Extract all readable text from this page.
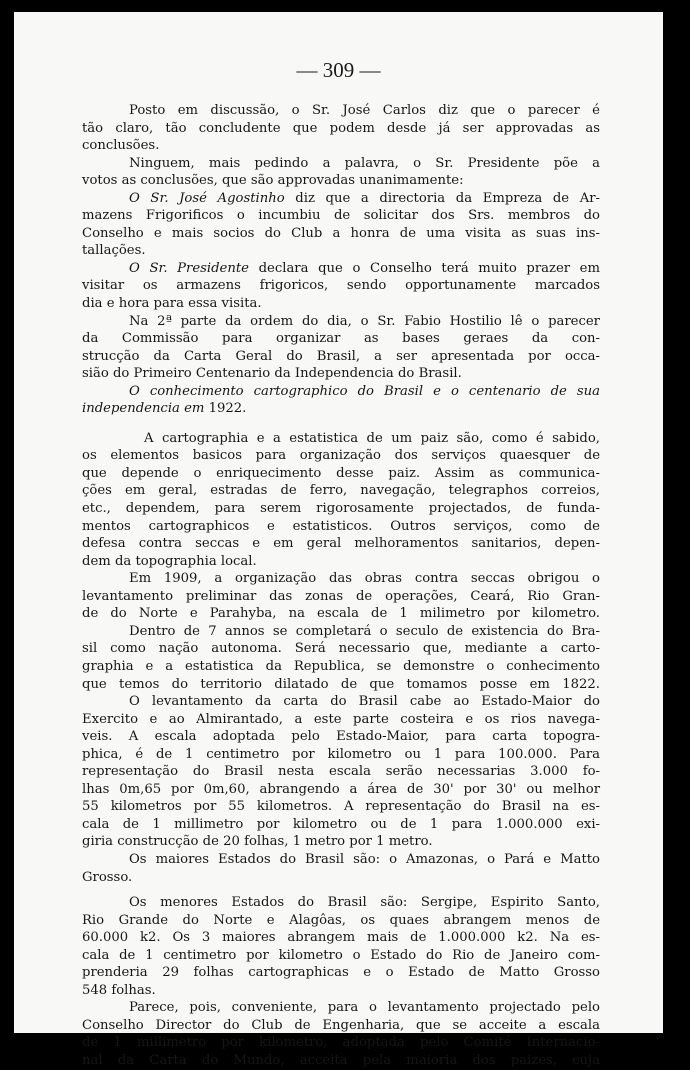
— 309 —
Posto em discussão, o Sr. José Carlos diz que o parecer é
tão claro, tão concludente que podem desde já ser approvadas as
conclusões.
Ninguem, mais pedindo a palavra, o Sr. Presidente põe a
votos as conclusões, que são approvadas unanimamente:
O Sr. José Agostinho diz que a directoria da Empreza de Ar-
mazens Frigorificos o incumbiu de solicitar dos Srs. membros do
Conselho e mais socios do Club a honra de uma visita as suas ins-
tallações.
O Sr. Presidente declara que o Conselho terá muito prazer em
visitar os armazens frigoricos, sendo opportunamente marcados
dia e hora para essa visita.
Na 2ª parte da ordem do dia, o Sr. Fabio Hostilio lê o parecer
da Commissão para organizar as bases geraes da con-
strucção da Carta Geral do Brasil, a ser apresentada por occa-
sião do Primeiro Centenario da Independencia do Brasil.
O conhecimento cartographico do Brasil e o centenario de sua
independencia em 1922.
A cartographia e a estatistica de um paiz são, como é sabido,
os elementos basicos para organização dos serviços quaesquer de
que depende o enriquecimento desse paiz. Assim as communica-
ções em geral, estradas de ferro, navegação, telegraphos correios,
etc., dependem, para serem rigorosamente projectados, de funda-
mentos cartographicos e estatisticos. Outros serviços, como de
defesa contra seccas e em geral melhoramentos sanitarios, depen-
dem da topographia local.
Em 1909, a organização das obras contra seccas obrigou o
levantamento preliminar das zonas de operações, Ceará, Rio Gran-
de do Norte e Parahyba, na escala de 1 milimetro por kilometro.
Dentro de 7 annos se completará o seculo de existencia do Bra-
sil como nação autonoma. Será necessario que, mediante a carto-
graphia e a estatistica da Republica, se demonstre o conhecimento
que temos do territorio dilatado de que tomamos posse em 1822.
O levantamento da carta do Brasil cabe ao Estado-Maior do
Exercito e ao Almirantado, a este parte costeira e os rios navega-
veis. A escala adoptada pelo Estado-Maior, para carta topogra-
phica, é de 1 centimetro por kilometro ou 1 para 100.000. Para
representação do Brasil nesta escala serão necessarias 3.000 fo-
lhas 0m,65 por 0m,60, abrangendo a área de 30' por 30' ou melhor
55 kilometros por 55 kilometros. A representação do Brasil na es-
cala de 1 millimetro por kilometro ou de 1 para 1.000.000 exi-
giria construcção de 20 folhas, 1 metro por 1 metro.
Os maiores Estados do Brasil são: o Amazonas, o Pará e Matto
Grosso.
Os menores Estados do Brasil são: Sergipe, Espirito Santo,
Rio Grande do Norte e Alagôas, os quaes abrangem menos de
60.000 k2. Os 3 maiores abrangem mais de 1.000.000 k2. Na es-
cala de 1 centimetro por kilometro o Estado do Rio de Janeiro com-
prenderia 29 folhas cartographicas e o Estado de Matto Grosso
548 folhas.
Parece, pois, conveniente, para o levantamento projectado pelo
Conselho Director do Club de Engenharia, que se acceite a escala
de 1 millimetro por kilometro, adoptada pelo Comité Internacio-
nal da Carta do Mundo, acceita pela maioria dos paizes, cuja
